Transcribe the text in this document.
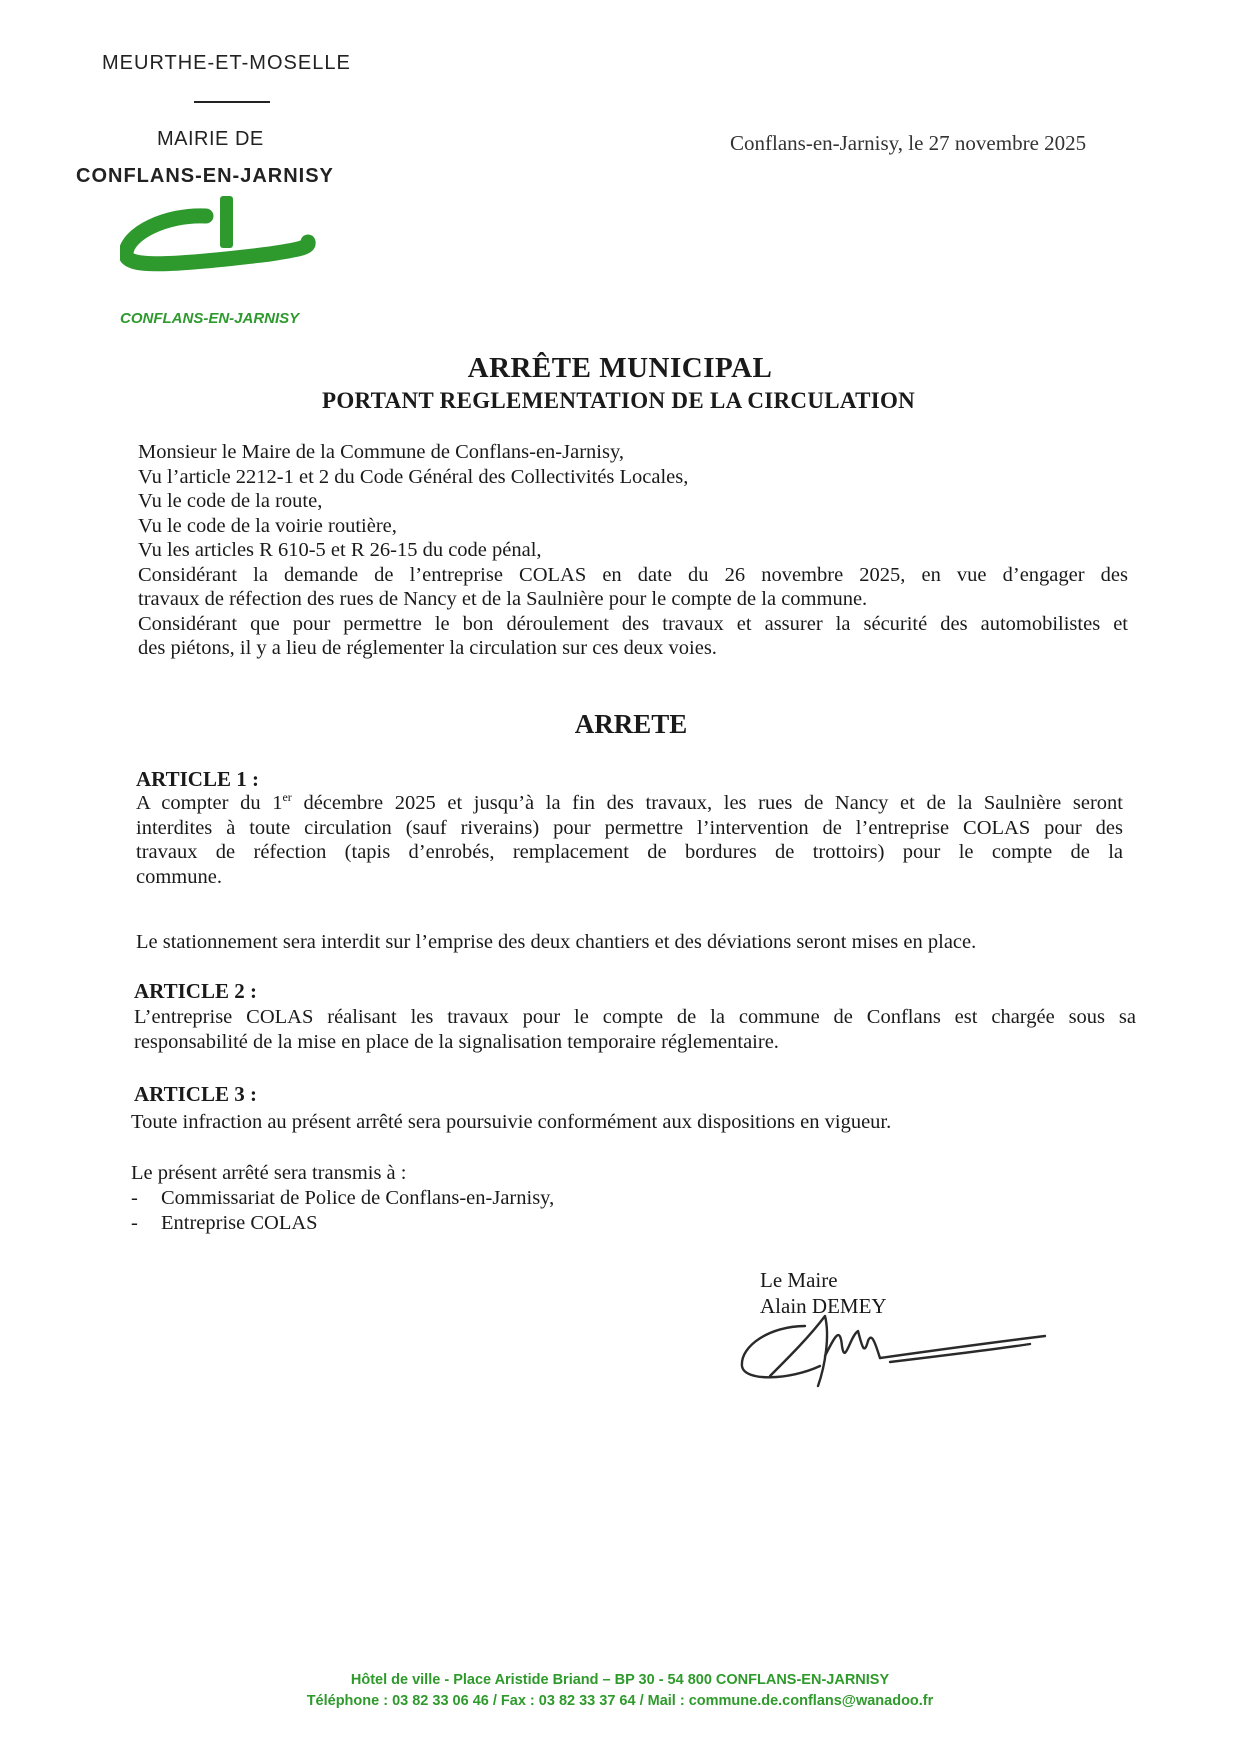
MEURTHE-ET-MOSELLE
MAIRIE DE
CONFLANS-EN-JARNISY
CONFLANS-EN-JARNISY
Conflans-en-Jarnisy, le 27 novembre 2025
ARRÊTE MUNICIPAL
PORTANT REGLEMENTATION DE LA CIRCULATION
Monsieur le Maire de la Commune de Conflans-en-Jarnisy,
Vu l’article 2212-1 et 2 du Code Général des Collectivités Locales,
Vu le code de la route,
Vu le code de la voirie routière,
Vu les articles R 610-5 et R 26-15 du code pénal,
Considérant la demande de l’entreprise COLAS en date du 26 novembre 2025, en vue d’engager des
travaux de réfection des rues de Nancy et de la Saulnière pour le compte de la commune.
Considérant que pour permettre le bon déroulement des travaux et assurer la sécurité des automobilistes et
des piétons, il y a lieu de réglementer la circulation sur ces deux voies.
ARRETE
ARTICLE 1 :
A compter du 1er décembre 2025 et jusqu’à la fin des travaux, les rues de Nancy et de la Saulnière seront
interdites à toute circulation (sauf riverains) pour permettre l’intervention de l’entreprise COLAS pour des
travaux de réfection (tapis d’enrobés, remplacement de bordures de trottoirs) pour le compte de la
commune.
Le stationnement sera interdit sur l’emprise des deux chantiers et des déviations seront mises en place.
ARTICLE 2 :
L’entreprise COLAS réalisant les travaux pour le compte de la commune de Conflans est chargée sous sa
responsabilité de la mise en place de la signalisation temporaire réglementaire.
ARTICLE 3 :
Toute infraction au présent arrêté sera poursuivie conformément aux dispositions en vigueur.
Le présent arrêté sera transmis à :
-	Commissariat de Police de Conflans-en-Jarnisy,
-	Entreprise COLAS
Le Maire
Alain DEMEY
Hôtel de ville - Place Aristide Briand – BP 30 - 54 800 CONFLANS-EN-JARNISY
Téléphone : 03 82 33 06 46 / Fax : 03 82 33 37 64 / Mail : commune.de.conflans@wanadoo.fr
